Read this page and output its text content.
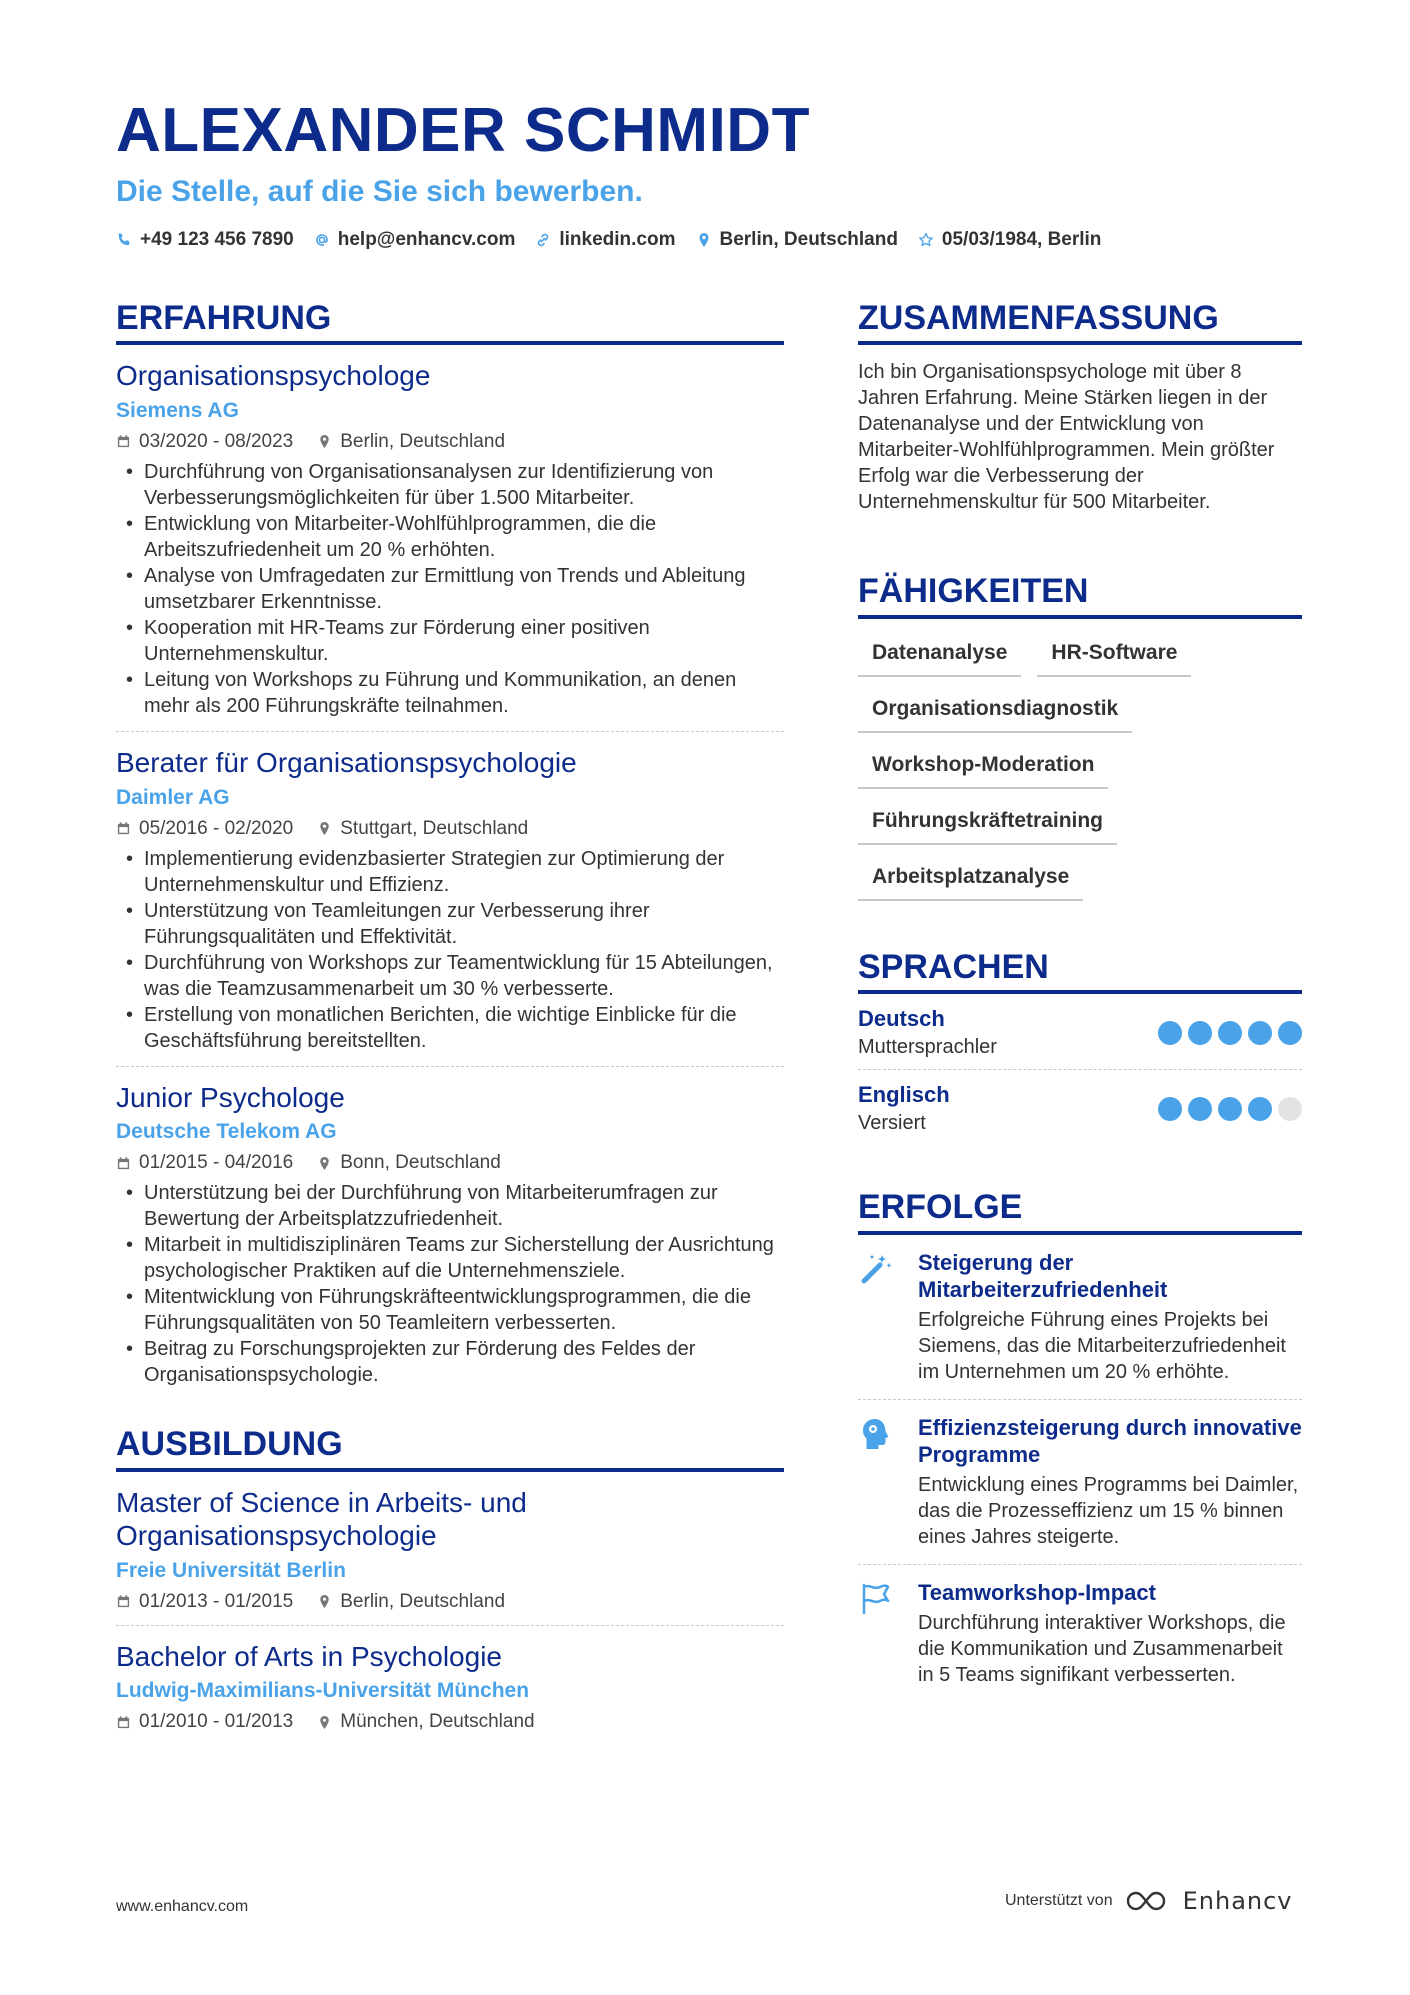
ALEXANDER SCHMIDT
Die Stelle, auf die Sie sich bewerben.
+49 123 456 7890 help@enhancv.com linkedin.com Berlin, Deutschland 05/03/1984, Berlin
ERFAHRUNG
Organisationspsychologe
Siemens AG
03/2020 - 08/2023 Berlin, Deutschland
• Durchführung von Organisationsanalysen zur Identifizierung von Verbesserungsmöglichkeiten für über 1.500 Mitarbeiter.
• Entwicklung von Mitarbeiter-Wohlfühlprogrammen, die die Arbeitszufriedenheit um 20 % erhöhten.
• Analyse von Umfragedaten zur Ermittlung von Trends und Ableitung umsetzbarer Erkenntnisse.
• Kooperation mit HR-Teams zur Förderung einer positiven Unternehmenskultur.
• Leitung von Workshops zu Führung und Kommunikation, an denen mehr als 200 Führungskräfte teilnahmen.
Berater für Organisationspsychologie
Daimler AG
05/2016 - 02/2020 Stuttgart, Deutschland
• Implementierung evidenzbasierter Strategien zur Optimierung der Unternehmenskultur und Effizienz.
• Unterstützung von Teamleitungen zur Verbesserung ihrer Führungsqualitäten und Effektivität.
• Durchführung von Workshops zur Teamentwicklung für 15 Abteilungen, was die Teamzusammenarbeit um 30 % verbesserte.
• Erstellung von monatlichen Berichten, die wichtige Einblicke für die Geschäftsführung bereitstellten.
Junior Psychologe
Deutsche Telekom AG
01/2015 - 04/2016 Bonn, Deutschland
• Unterstützung bei der Durchführung von Mitarbeiterumfragen zur Bewertung der Arbeitsplatzzufriedenheit.
• Mitarbeit in multidisziplinären Teams zur Sicherstellung der Ausrichtung psychologischer Praktiken auf die Unternehmensziele.
• Mitentwicklung von Führungskräfteentwicklungsprogrammen, die die Führungsqualitäten von 50 Teamleitern verbesserten.
• Beitrag zu Forschungsprojekten zur Förderung des Feldes der Organisationspsychologie.
AUSBILDUNG
Master of Science in Arbeits- und Organisationspsychologie
Freie Universität Berlin
01/2013 - 01/2015 Berlin, Deutschland
Bachelor of Arts in Psychologie
Ludwig-Maximilians-Universität München
01/2010 - 01/2013 München, Deutschland
ZUSAMMENFASSUNG
Ich bin Organisationspsychologe mit über 8 Jahren Erfahrung. Meine Stärken liegen in der Datenanalyse und der Entwicklung von Mitarbeiter-Wohlfühlprogrammen. Mein größter Erfolg war die Verbesserung der Unternehmenskultur für 500 Mitarbeiter.
FÄHIGKEITEN
Datenanalyse	HR-Software
Organisationsdiagnostik
Workshop-Moderation
Führungskräftetraining
Arbeitsplatzanalyse
SPRACHEN
Deutsch
Muttersprachler
Englisch
Versiert
ERFOLGE
Steigerung der Mitarbeiterzufriedenheit
Erfolgreiche Führung eines Projekts bei Siemens, das die Mitarbeiterzufriedenheit im Unternehmen um 20 % erhöhte.
Effizienzsteigerung durch innovative Programme
Entwicklung eines Programms bei Daimler, das die Prozesseffizienz um 15 % binnen eines Jahres steigerte.
Teamworkshop-Impact
Durchführung interaktiver Workshops, die die Kommunikation und Zusammenarbeit in 5 Teams signifikant verbesserten.
www.enhancv.com	Unterstützt von	Enhancv
